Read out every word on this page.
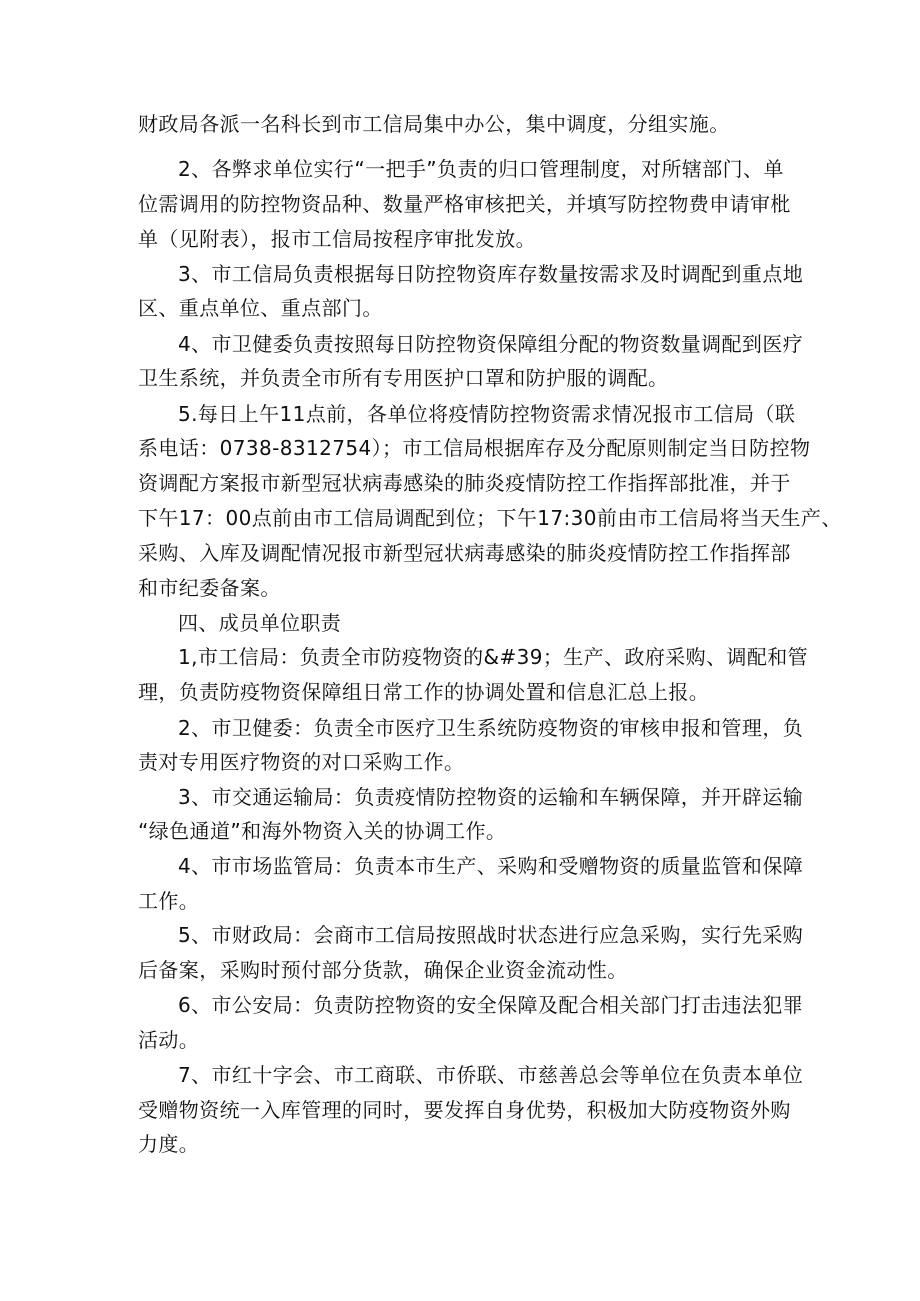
财政局各派一名科长到市工信局集中办公，集中调度，分组实施。

2、各弊求单位实行“一把手”负责的归口管理制度，对所辖部门、单

位需调用的防控物资品种、数量严格审核把关，并填写防控物费申请审枇

单（见附表），报市工信局按程序审批发放。

3、市工信局负责根据每日防控物资库存数量按需求及时调配到重点地

区、重点单位、重点部门。

4、市卫健委负责按照每日防控物资保障组分配的物资数量调配到医疗

卫生系统，并负责全市所有专用医护口罩和防护服的调配。

5.每日上午11点前，各单位将疫情防控物资需求情况报市工信局（联

系电话：0738-8312754）；市工信局根据库存及分配原则制定当日防控物

资调配方案报市新型冠状病毒感染的肺炎疫情防控工作指挥部批准，并于

下午17：00点前由市工信局调配到位；下午17:30前由市工信局将当天生产、

采购、入库及调配情况报市新型冠状病毒感染的肺炎疫情防控工作指挥部

和市纪委备案。

四、成员单位职责

1,市工信局：负责全市防疫物资的&#39；生产、政府采购、调配和管

理，负责防疫物资保障组日常工作的协调处置和信息汇总上报。

2、市卫健委：负责全市医疗卫生系统防疫物资的审核申报和管理，负

责对专用医疗物资的对口采购工作。

3、市交通运输局：负责疫情防控物资的运输和车辆保障，并开辟运输

“绿色通道”和海外物资入关的协调工作。

4、市市场监管局：负责本市生产、采购和受赠物资的质量监管和保障

工作。

5、市财政局：会商市工信局按照战时状态进行应急采购，实行先采购

后备案，采购时预付部分货款，确保企业资金流动性。

6、市公安局：负责防控物资的安全保障及配合相关部门打击违法犯罪

活动。

7、市红十字会、市工商联、市侨联、市慈善总会等单位在负责本单位

受赠物资统一入库管理的同时，要发挥自身优势，积极加大防疫物资外购

力度。
